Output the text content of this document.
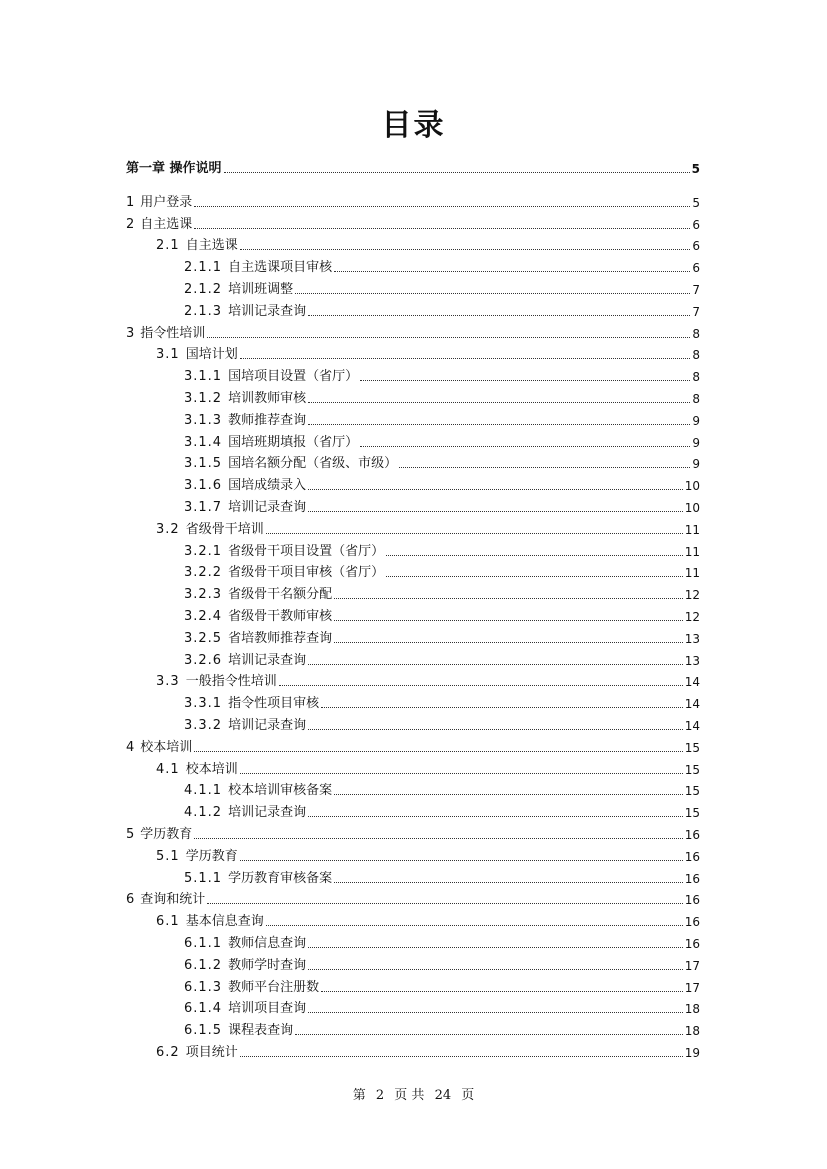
目录
第一章 操作说明	5
1 用户登录	5
2 自主选课	6
2.1 自主选课	6
2.1.1 自主选课项目审核	6
2.1.2 培训班调整	7
2.1.3 培训记录查询	7
3 指令性培训	8
3.1 国培计划	8
3.1.1 国培项目设置（省厅）	8
3.1.2 培训教师审核	8
3.1.3 教师推荐查询	9
3.1.4 国培班期填报（省厅）	9
3.1.5 国培名额分配（省级、市级）	9
3.1.6 国培成绩录入	10
3.1.7 培训记录查询	10
3.2 省级骨干培训	11
3.2.1 省级骨干项目设置（省厅）	11
3.2.2 省级骨干项目审核（省厅）	11
3.2.3 省级骨干名额分配	12
3.2.4 省级骨干教师审核	12
3.2.5 省培教师推荐查询	13
3.2.6 培训记录查询	13
3.3 一般指令性培训	14
3.3.1 指令性项目审核	14
3.3.2 培训记录查询	14
4 校本培训	15
4.1 校本培训	15
4.1.1 校本培训审核备案	15
4.1.2 培训记录查询	15
5 学历教育	16
5.1 学历教育	16
5.1.1 学历教育审核备案	16
6 查询和统计	16
6.1 基本信息查询	16
6.1.1 教师信息查询	16
6.1.2 教师学时查询	17
6.1.3 教师平台注册数	17
6.1.4 培训项目查询	18
6.1.5 课程表查询	18
6.2 项目统计	19
第 2 页 共 24 页
